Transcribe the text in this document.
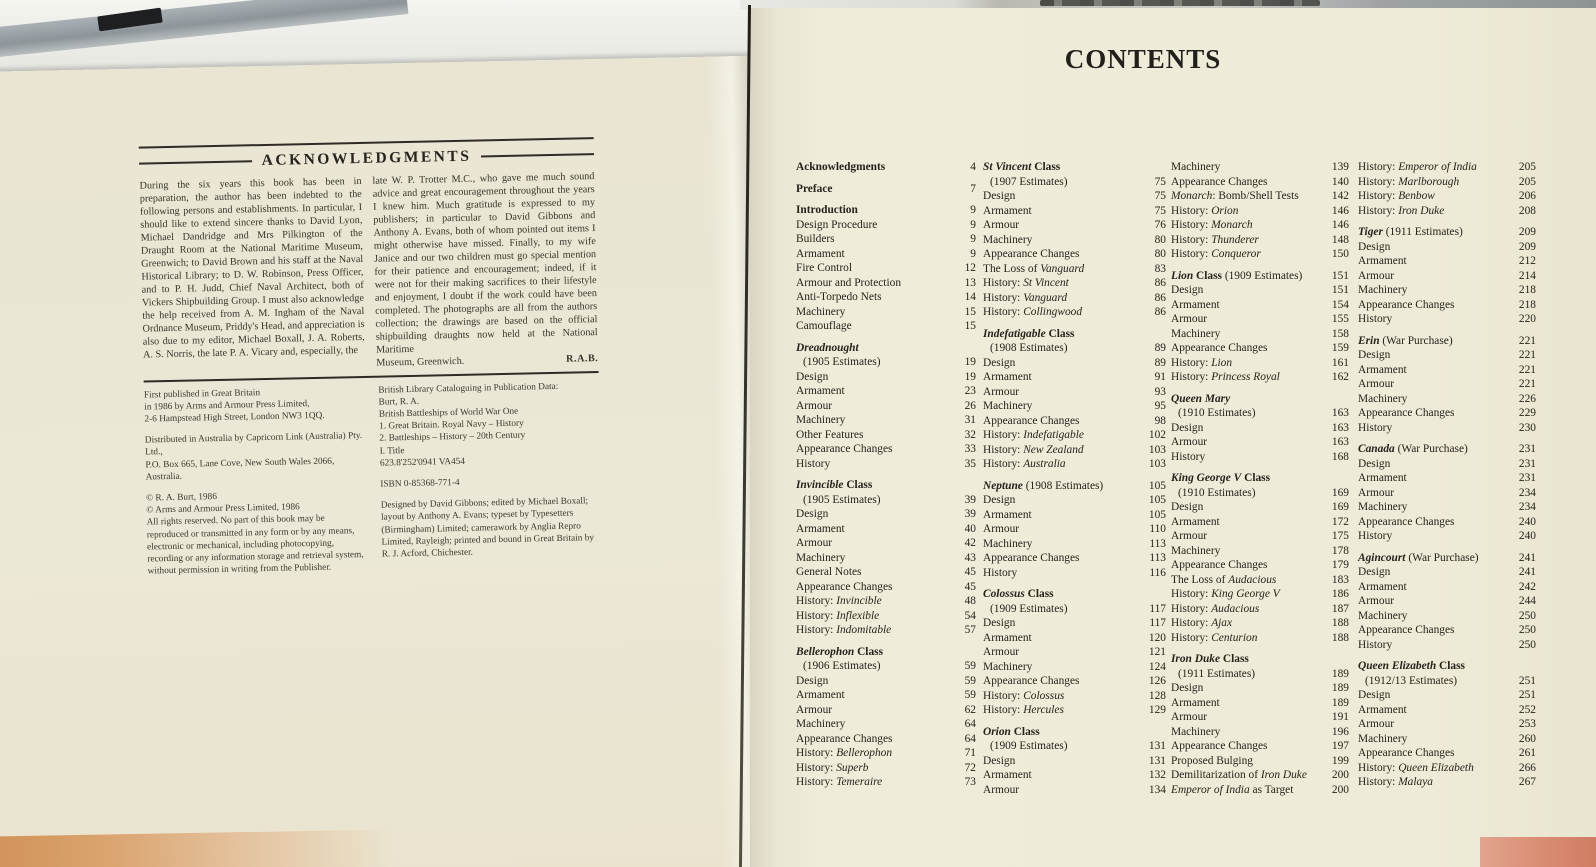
ACKNOWLEDGMENTS

During the six years this book has been in preparation, the author has been indebted to the following persons and establishments. In particular, I should like to extend sincere thanks to David Lyon, Michael Dandridge and Mrs Pilkington of the Draught Room at the National Maritime Museum, Greenwich; to David Brown and his staff at the Naval Historical Library; to D. W. Robinson, Press Officer, and to P. H. Judd, Chief Naval Architect, both of Vickers Shipbuilding Group. I must also acknowledge the help received from A. M. Ingham of the Naval Ordnance Museum, Priddy's Head, and appreciation is also due to my editor, Michael Boxall, J. A. Roberts, A. S. Norris, the late P. A. Vicary and, especially, the

late W. P. Trotter M.C., who gave me much sound advice and great encouragement throughout the years I knew him. Much gratitude is expressed to my publishers; in particular to David Gibbons and Anthony A. Evans, both of whom pointed out items I might otherwise have missed. Finally, to my wife Janice and our two children must go special mention for their patience and encouragement; indeed, if it were not for their making sacrifices to their lifestyle and enjoyment, I doubt if the work could have been completed. The photographs are all from the authors collection; the drawings are based on the official shipbuilding draughts now held at the National Maritime

Museum, Greenwich.	R.A.B.
First published in Great Britain
in 1986 by Arms and Armour Press Limited,
2-6 Hampstead High Street, London NW3 1QQ.
Distributed in Australia by Capricorn Link (Australia) Pty. Ltd.,
P.O. Box 665, Lane Cove, New South Wales 2066, Australia.
© R. A. Burt, 1986
© Arms and Armour Press Limited, 1986
All rights reserved. No part of this book may be reproduced or transmitted in any form or by any means, electronic or mechanical, including photocopying, recording or any information storage and retrieval system, without permission in writing from the Publisher.
British Library Cataloguing in Publication Data:
Burt, R. A.
British Battleships of World War One
1. Great Britain. Royal Navy – History
2. Battleships – History – 20th Century
I. Title
623.8'252'0941 VA454
ISBN 0-85368-771-4
Designed by David Gibbons; edited by Michael Boxall; layout by Anthony A. Evans; typeset by Typesetters (Birmingham) Limited; camerawork by Anglia Repro Limited, Rayleigh; printed and bound in Great Britain by R. J. Acford, Chichester.
CONTENTS
Acknowledgments	4
Preface	7
Introduction	9
Design Procedure	9
Builders	9
Armament	9
Fire Control	12
Armour and Protection	13
Anti-Torpedo Nets	14
Machinery	15
Camouflage	15
Dreadnought
(1905 Estimates)	19
Design	19
Armament	23
Armour	26
Machinery	31
Other Features	32
Appearance Changes	33
History	35
Invincible Class
(1905 Estimates)	39
Design	39
Armament	40
Armour	42
Machinery	43
General Notes	45
Appearance Changes	45
History: Invincible	48
History: Inflexible	54
History: Indomitable	57
Bellerophon Class
(1906 Estimates)	59
Design	59
Armament	59
Armour	62
Machinery	64
Appearance Changes	64
History: Bellerophon	71
History: Superb	72
History: Temeraire	73
St Vincent Class
(1907 Estimates)	75
Design	75
Armament	75
Armour	76
Machinery	80
Appearance Changes	80
The Loss of Vanguard	83
History: St Vincent	86
History: Vanguard	86
History: Collingwood	86
Indefatigable Class
(1908 Estimates)	89
Design	89
Armament	91
Armour	93
Machinery	95
Appearance Changes	98
History: Indefatigable	102
History: New Zealand	103
History: Australia	103
Neptune (1908 Estimates)	105
Design	105
Armament	105
Armour	110
Machinery	113
Appearance Changes	113
History	116
Colossus Class
(1909 Estimates)	117
Design	117
Armament	120
Armour	121
Machinery	124
Appearance Changes	126
History: Colossus	128
History: Hercules	129
Orion Class
(1909 Estimates)	131
Design	131
Armament	132
Armour	134
Machinery	139
Appearance Changes	140
Monarch: Bomb/Shell Tests	142
History: Orion	146
History: Monarch	146
History: Thunderer	148
History: Conqueror	150
Lion Class (1909 Estimates)	151
Design	151
Armament	154
Armour	155
Machinery	158
Appearance Changes	159
History: Lion	161
History: Princess Royal	162
Queen Mary
(1910 Estimates)	163
Design	163
Armour	163
History	168
King George V Class
(1910 Estimates)	169
Design	169
Armament	172
Armour	175
Machinery	178
Appearance Changes	179
The Loss of Audacious	183
History: King George V	186
History: Audacious	187
History: Ajax	188
History: Centurion	188
Iron Duke Class
(1911 Estimates)	189
Design	189
Armament	189
Armour	191
Machinery	196
Appearance Changes	197
Proposed Bulging	199
Demilitarization of Iron Duke	200
Emperor of India as Target	200
History: Emperor of India	205
History: Marlborough	205
History: Benbow	206
History: Iron Duke	208
Tiger (1911 Estimates)	209
Design	209
Armament	212
Armour	214
Machinery	218
Appearance Changes	218
History	220
Erin (War Purchase)	221
Design	221
Armament	221
Armour	221
Machinery	226
Appearance Changes	229
History	230
Canada (War Purchase)	231
Design	231
Armament	231
Armour	234
Machinery	234
Appearance Changes	240
History	240
Agincourt (War Purchase)	241
Design	241
Armament	242
Armour	244
Machinery	250
Appearance Changes	250
History	250
Queen Elizabeth Class
(1912/13 Estimates)	251
Design	251
Armament	252
Armour	253
Machinery	260
Appearance Changes	261
History: Queen Elizabeth	266
History: Malaya	267
